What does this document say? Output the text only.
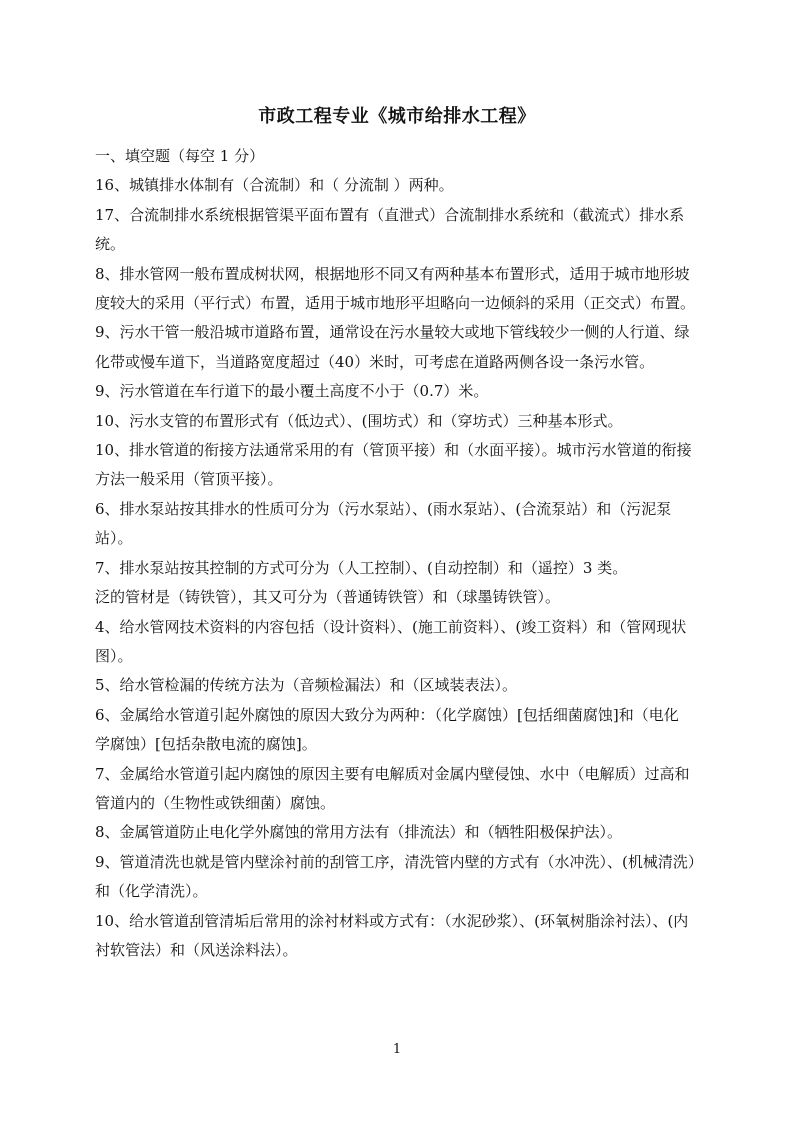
市政工程专业《城市给排水工程》
一、填空题（每空 1 分）
16、城镇排水体制有（合流制）和（ 分流制 ）两种。
17、合流制排水系统根据管渠平面布置有（直泄式）合流制排水系统和（截流式）排水系
统。
8、排水管网一般布置成树状网，根据地形不同又有两种基本布置形式，适用于城市地形坡
度较大的采用（平行式）布置，适用于城市地形平坦略向一边倾斜的采用（正交式）布置。
9、污水干管一般沿城市道路布置，通常设在污水量较大或地下管线较少一侧的人行道、绿
化带或慢车道下，当道路宽度超过（40）米时，可考虑在道路两侧各设一条污水管。
9、污水管道在车行道下的最小覆土高度不小于（0.7）米。
10、污水支管的布置形式有（低边式）、(围坊式）和（穿坊式）三种基本形式。
10、排水管道的衔接方法通常采用的有（管顶平接）和（水面平接）。城市污水管道的衔接
方法一般采用（管顶平接）。
6、排水泵站按其排水的性质可分为（污水泵站）、(雨水泵站）、(合流泵站）和（污泥泵
站）。
7、排水泵站按其控制的方式可分为（人工控制）、(自动控制）和（遥控）3 类。
泛的管材是（铸铁管），其又可分为（普通铸铁管）和（球墨铸铁管）。
4、给水管网技术资料的内容包括（设计资料）、(施工前资料）、(竣工资料）和（管网现状
图）。
5、给水管检漏的传统方法为（音频检漏法）和（区域装表法）。
6、金属给水管道引起外腐蚀的原因大致分为两种：（化学腐蚀）[包括细菌腐蚀]和（电化
学腐蚀）[包括杂散电流的腐蚀]。
7、金属给水管道引起内腐蚀的原因主要有电解质对金属内壁侵蚀、水中（电解质）过高和
管道内的（生物性或铁细菌）腐蚀。
8、金属管道防止电化学外腐蚀的常用方法有（排流法）和（牺牲阳极保护法）。
9、管道清洗也就是管内壁涂衬前的刮管工序，清洗管内壁的方式有（水冲洗）、(机械清洗）
和（化学清洗）。
10、给水管道刮管清垢后常用的涂衬材料或方式有：（水泥砂浆）、(环氧树脂涂衬法）、(内
衬软管法）和（风送涂料法）。
1
